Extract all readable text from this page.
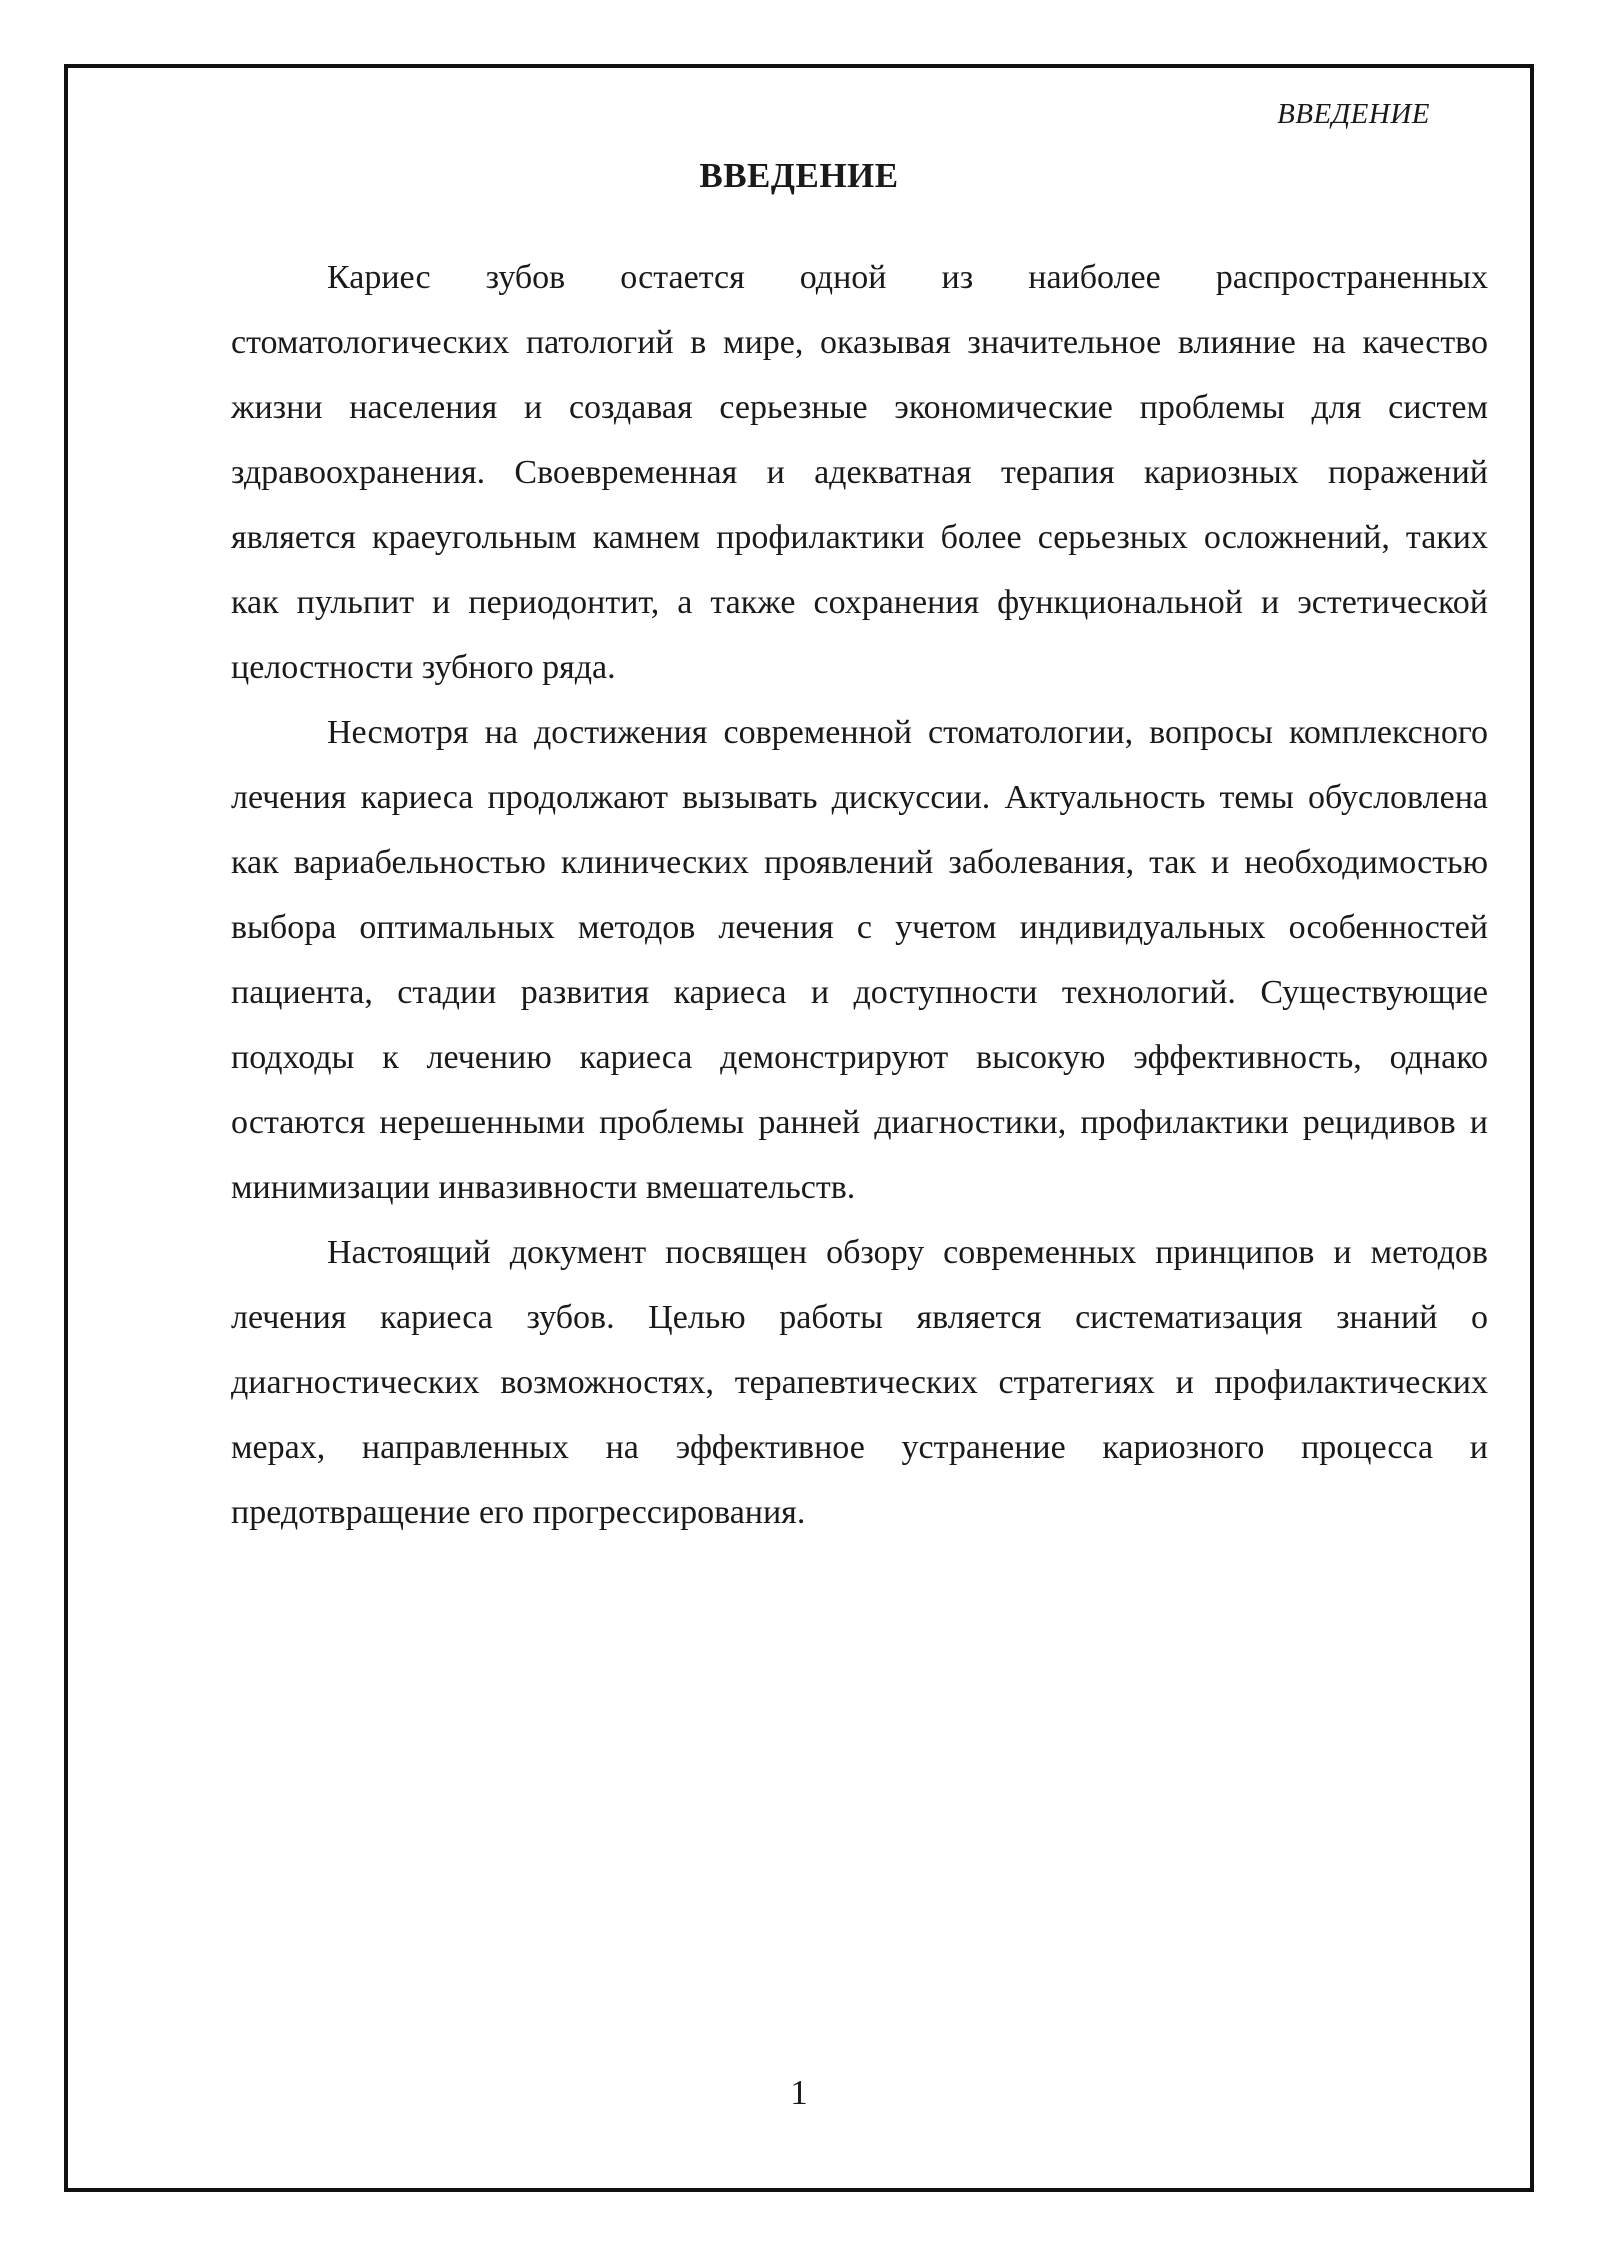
ВВЕДЕНИЕ
ВВЕДЕНИЕ

Кариес зубов остается одной из наиболее распространенных стоматологических патологий в мире, оказывая значительное влияние на качество жизни населения и создавая серьезные экономические проблемы для систем здравоохранения. Своевременная и адекватная терапия кариозных поражений является краеугольным камнем профилактики более серьезных осложнений, таких как пульпит и периодонтит, а также сохранения функциональной и эстетической целостности зубного ряда.

Несмотря на достижения современной стоматологии, вопросы комплексного лечения кариеса продолжают вызывать дискуссии. Актуальность темы обусловлена как вариабельностью клинических проявлений заболевания, так и необходимостью выбора оптимальных методов лечения с учетом индивидуальных особенностей пациента, стадии развития кариеса и доступности технологий. Существующие подходы к лечению кариеса демонстрируют высокую эффективность, однако остаются нерешенными проблемы ранней диагностики, профилактики рецидивов и минимизации инвазивности вмешательств.

Настоящий документ посвящен обзору современных принципов и методов лечения кариеса зубов. Целью работы является систематизация знаний о диагностических возможностях, терапевтических стратегиях и профилактических мерах, направленных на эффективное устранение кариозного процесса и предотвращение его прогрессирования.

1
